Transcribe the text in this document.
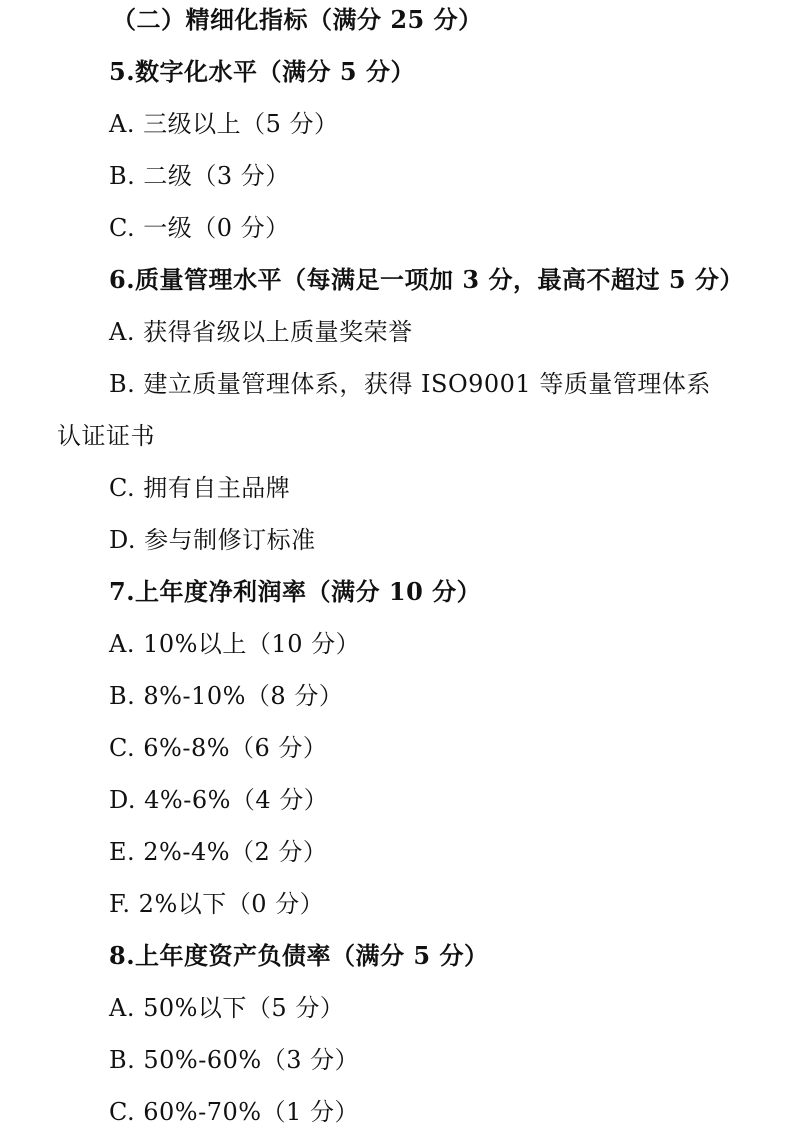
（二）精细化指标（满分 25 分）
5.数字化水平（满分 5 分）
A. 三级以上（5 分）
B. 二级（3 分）
C. 一级（0 分）
6.质量管理水平（每满足一项加 3 分，最高不超过 5 分）
A. 获得省级以上质量奖荣誉
B. 建立质量管理体系，获得 ISO9001 等质量管理体系
认证证书
C. 拥有自主品牌
D. 参与制修订标准
7.上年度净利润率（满分 10 分）
A. 10%以上（10 分）
B. 8%-10%（8 分）
C. 6%-8%（6 分）
D. 4%-6%（4 分）
E. 2%-4%（2 分）
F. 2%以下（0 分）
8.上年度资产负债率（满分 5 分）
A. 50%以下（5 分）
B. 50%-60%（3 分）
C. 60%-70%（1 分）
